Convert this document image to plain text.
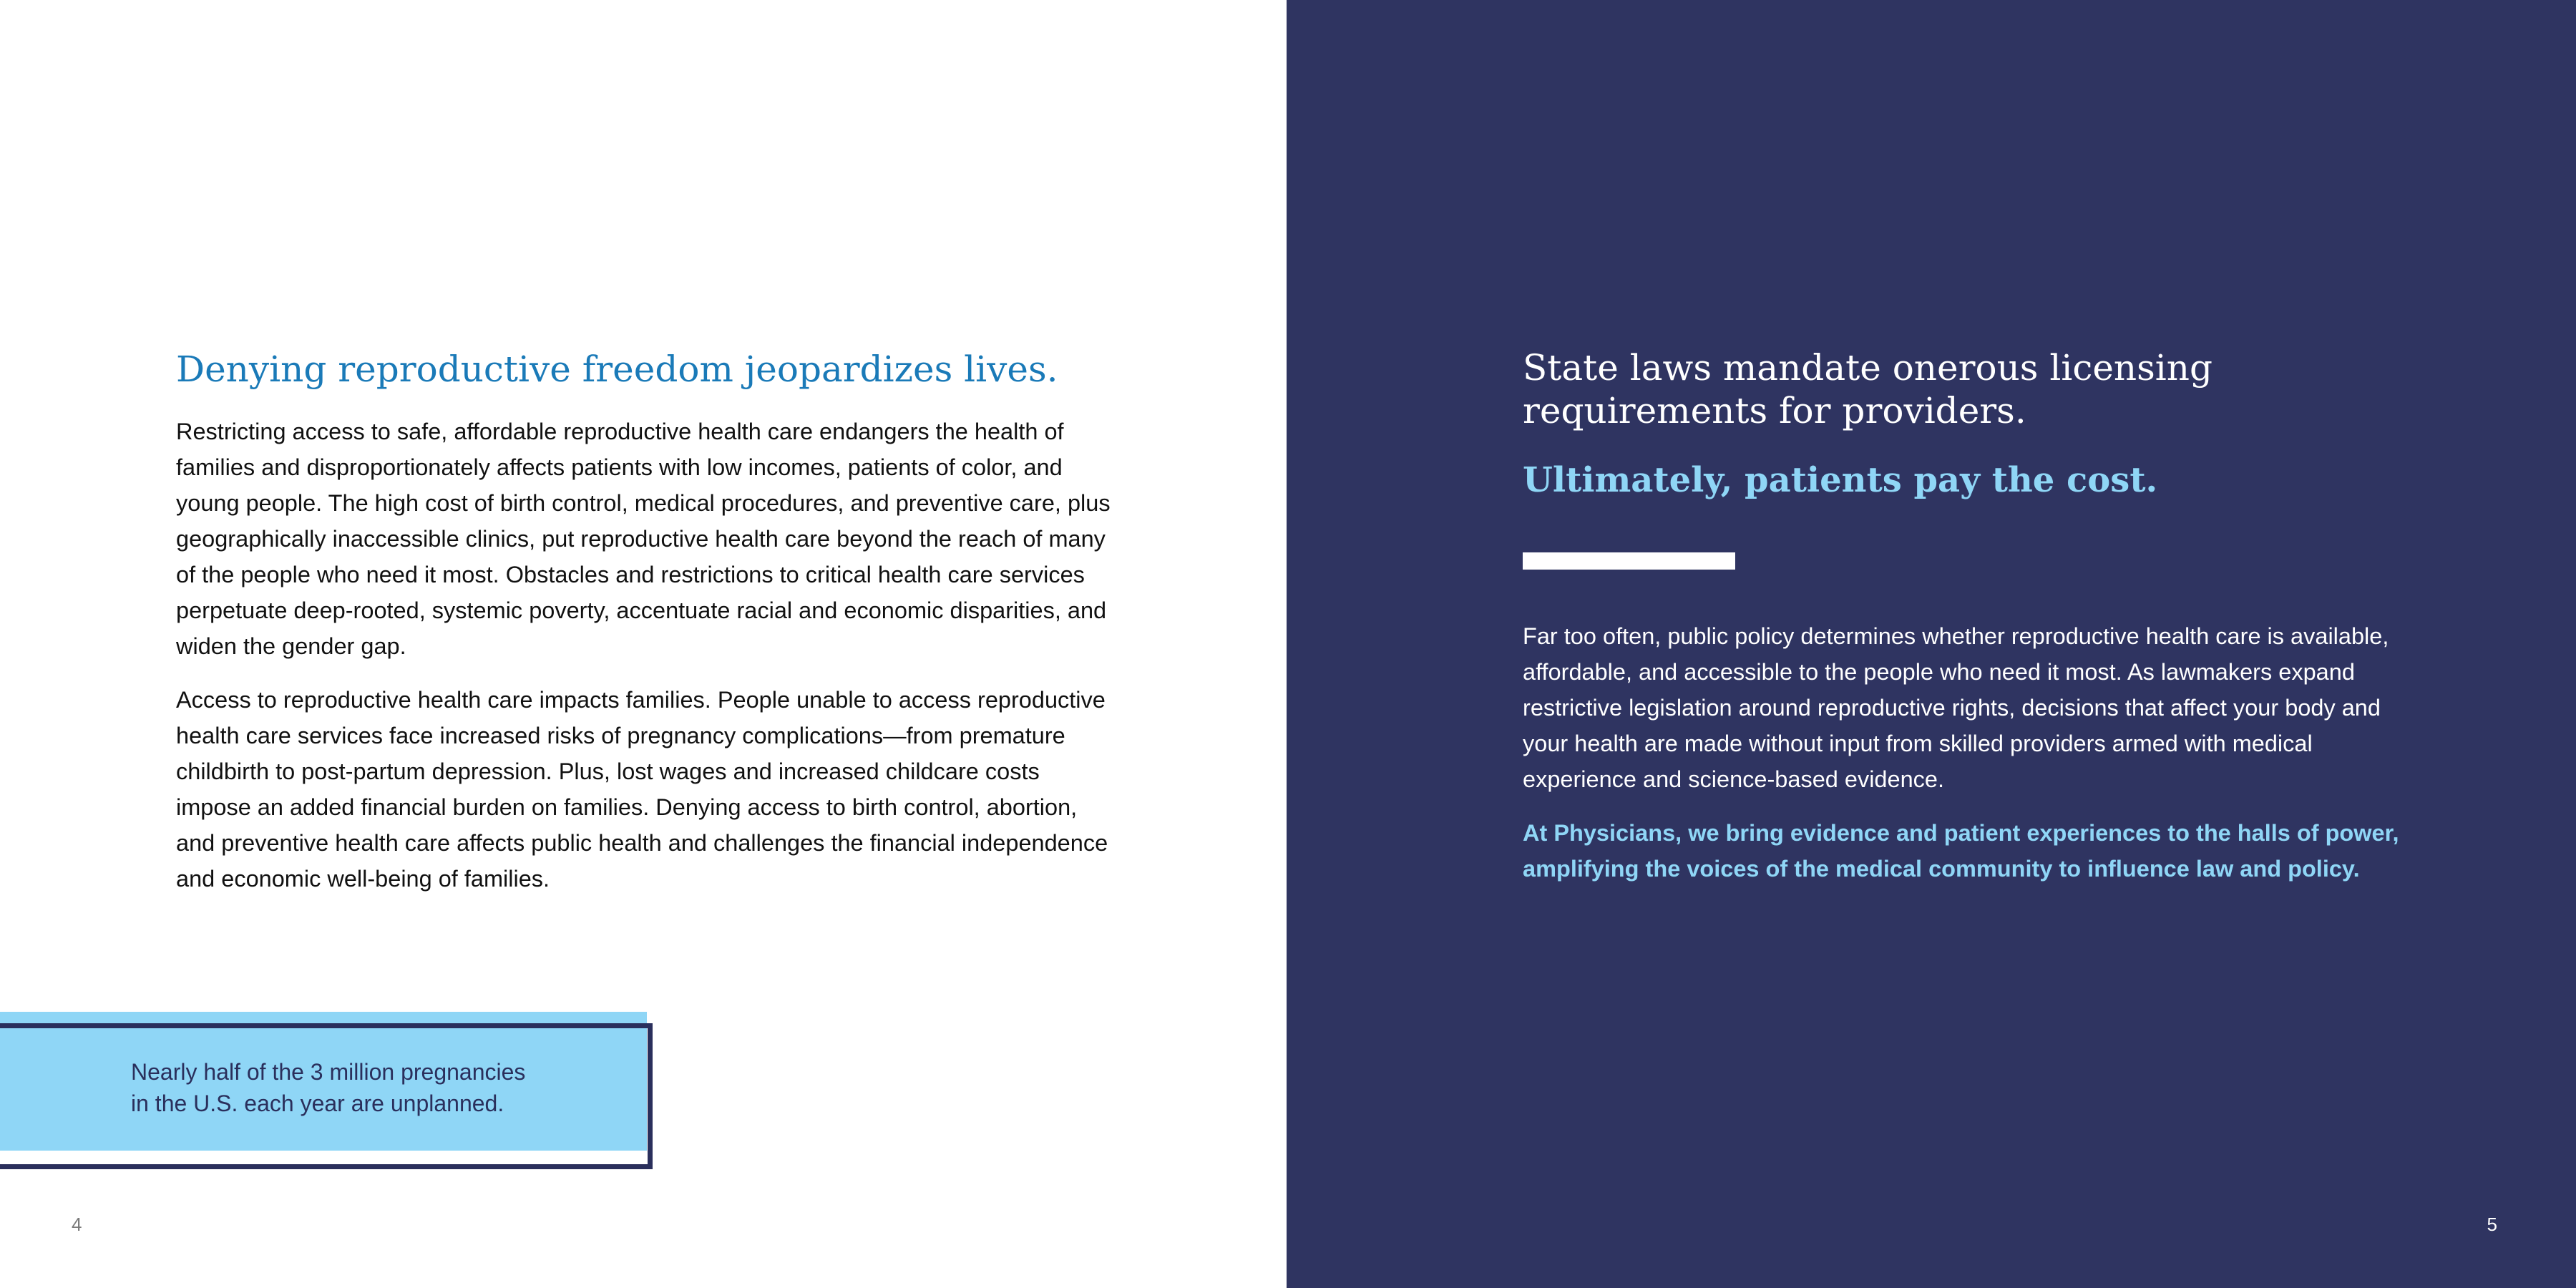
Denying reproductive freedom jeopardizes lives.

Restricting access to safe, affordable reproductive health care endangers the health of families and disproportionately affects patients with low incomes, patients of color, and young people. The high cost of birth control, medical procedures, and preventive care, plus geographically inaccessible clinics, put reproductive health care beyond the reach of many of the people who need it most. Obstacles and restrictions to critical health care services perpetuate deep-rooted, systemic poverty, accentuate racial and economic disparities, and widen the gender gap.

Access to reproductive health care impacts families. People unable to access reproductive health care services face increased risks of pregnancy complications—from premature childbirth to post-partum depression. Plus, lost wages and increased childcare costs impose an added financial burden on families. Denying access to birth control, abortion, and preventive health care affects public health and challenges the financial independence and economic well-being of families.

Nearly half of the 3 million pregnancies
in the U.S. each year are unplanned.
4
State laws mandate onerous licensing
requirements for providers.
Ultimately, patients pay the cost.

Far too often, public policy determines whether reproductive health care is available, affordable, and accessible to the people who need it most. As lawmakers expand restrictive legislation around reproductive rights, decisions that affect your body and your health are made without input from skilled providers armed with medical experience and science-based evidence.

At Physicians, we bring evidence and patient experiences to the halls of power, amplifying the voices of the medical community to influence law and policy.

5
